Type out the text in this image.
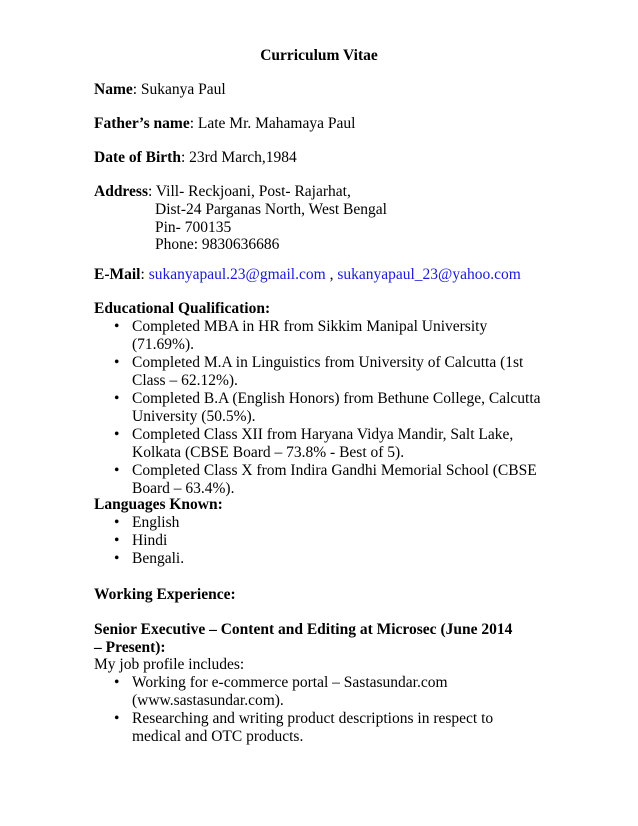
Curriculum Vitae
Name: Sukanya Paul
Father’s name: Late Mr. Mahamaya Paul
Date of Birth: 23rd March,1984
Address: Vill- Reckjoani, Post- Rajarhat,
Dist-24 Parganas North, West Bengal
Pin- 700135
Phone: 9830636686
E-Mail: sukanyapaul.23@gmail.com , sukanyapaul_23@yahoo.com
Educational Qualification:
• Completed MBA in HR from Sikkim Manipal University (71.69%).
• Completed M.A in Linguistics from University of Calcutta (1st Class – 62.12%).
• Completed B.A (English Honors) from Bethune College, Calcutta University (50.5%).
• Completed Class XII from Haryana Vidya Mandir, Salt Lake, Kolkata (CBSE Board – 73.8% - Best of 5).
• Completed Class X from Indira Gandhi Memorial School (CBSE Board – 63.4%).
Languages Known:
• English
• Hindi
• Bengali.
Working Experience:
Senior Executive – Content and Editing at Microsec (June 2014 – Present):
My job profile includes:
• Working for e-commerce portal – Sastasundar.com (www.sastasundar.com).
• Researching and writing product descriptions in respect to medical and OTC products.
